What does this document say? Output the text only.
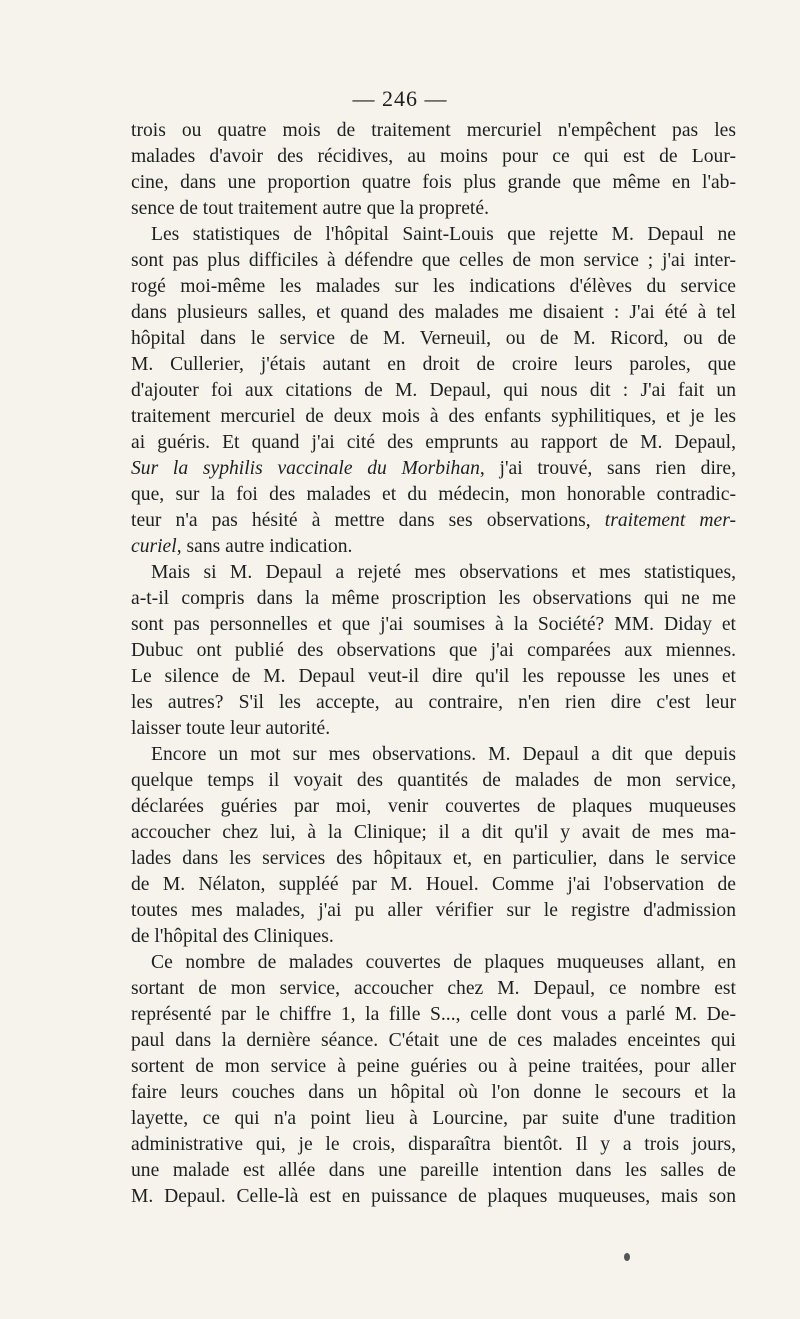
— 246 —
trois ou quatre mois de traitement mercuriel n'empêchent pas les
malades d'avoir des récidives, au moins pour ce qui est de Lour-
cine, dans une proportion quatre fois plus grande que même en l'ab-
sence de tout traitement autre que la propreté.
Les statistiques de l'hôpital Saint-Louis que rejette M. Depaul ne
sont pas plus difficiles à défendre que celles de mon service ; j'ai inter-
rogé moi-même les malades sur les indications d'élèves du service
dans plusieurs salles, et quand des malades me disaient : J'ai été à tel
hôpital dans le service de M. Verneuil, ou de M. Ricord, ou de
M. Cullerier, j'étais autant en droit de croire leurs paroles, que
d'ajouter foi aux citations de M. Depaul, qui nous dit : J'ai fait un
traitement mercuriel de deux mois à des enfants syphilitiques, et je les
ai guéris. Et quand j'ai cité des emprunts au rapport de M. Depaul,
Sur la syphilis vaccinale du Morbihan, j'ai trouvé, sans rien dire,
que, sur la foi des malades et du médecin, mon honorable contradic-
teur n'a pas hésité à mettre dans ses observations, traitement mer-
curiel, sans autre indication.
Mais si M. Depaul a rejeté mes observations et mes statistiques,
a-t-il compris dans la même proscription les observations qui ne me
sont pas personnelles et que j'ai soumises à la Société? MM. Diday et
Dubuc ont publié des observations que j'ai comparées aux miennes.
Le silence de M. Depaul veut-il dire qu'il les repousse les unes et
les autres? S'il les accepte, au contraire, n'en rien dire c'est leur
laisser toute leur autorité.
Encore un mot sur mes observations. M. Depaul a dit que depuis
quelque temps il voyait des quantités de malades de mon service,
déclarées guéries par moi, venir couvertes de plaques muqueuses
accoucher chez lui, à la Clinique; il a dit qu'il y avait de mes ma-
lades dans les services des hôpitaux et, en particulier, dans le service
de M. Nélaton, suppléé par M. Houel. Comme j'ai l'observation de
toutes mes malades, j'ai pu aller vérifier sur le registre d'admission
de l'hôpital des Cliniques.
Ce nombre de malades couvertes de plaques muqueuses allant, en
sortant de mon service, accoucher chez M. Depaul, ce nombre est
représenté par le chiffre 1, la fille S..., celle dont vous a parlé M. De-
paul dans la dernière séance. C'était une de ces malades enceintes qui
sortent de mon service à peine guéries ou à peine traitées, pour aller
faire leurs couches dans un hôpital où l'on donne le secours et la
layette, ce qui n'a point lieu à Lourcine, par suite d'une tradition
administrative qui, je le crois, disparaîtra bientôt. Il y a trois jours,
une malade est allée dans une pareille intention dans les salles de
M. Depaul. Celle-là est en puissance de plaques muqueuses, mais son
